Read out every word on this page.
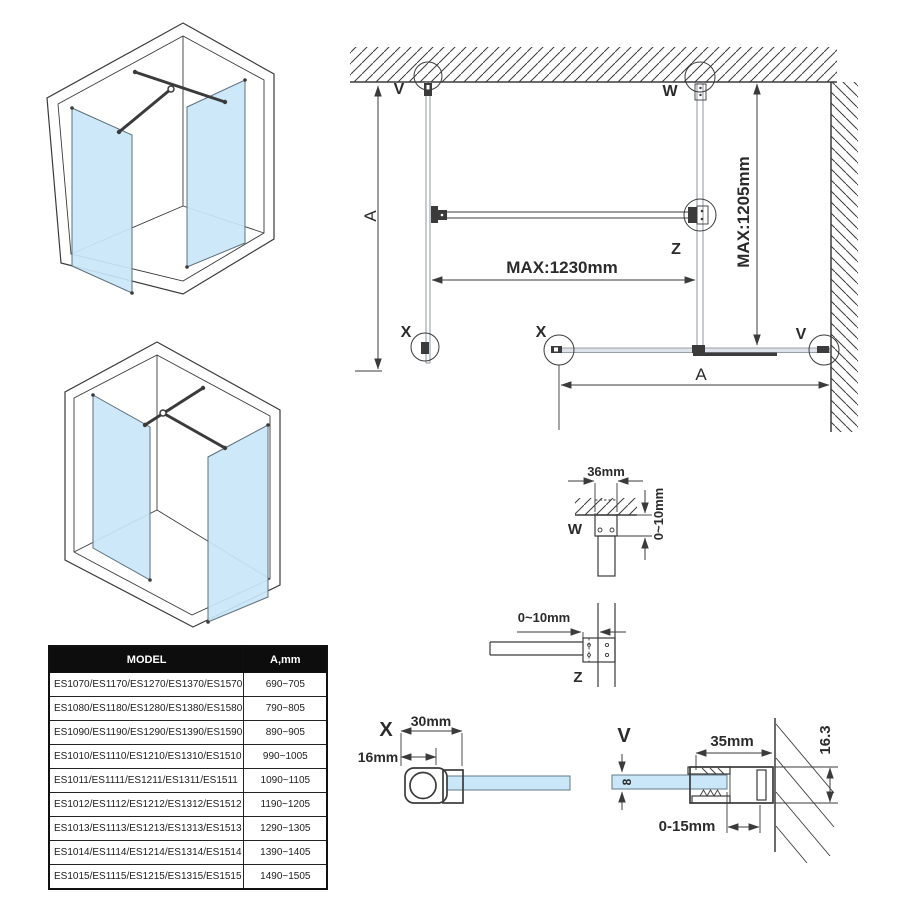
V	W
Z
X	X	V
A
MAX:1230mm	MAX:1205mm
A
36mm
0~10mm
W
0~10mm
Z
X 30mm
16mm
V
8
35mm	16.3
0-15mm
MODEL	A,mm
ES1070/ES1170/ES1270/ES1370/ES1570	690~705
ES1080/ES1180/ES1280/ES1380/ES1580	790~805
ES1090/ES1190/ES1290/ES1390/ES1590	890~905
ES1010/ES1110/ES1210/ES1310/ES1510	990~1005
ES1011/ES1111/ES1211/ES1311/ES1511	1090~1105
ES1012/ES1112/ES1212/ES1312/ES1512	1190~1205
ES1013/ES1113/ES1213/ES1313/ES1513	1290~1305
ES1014/ES1114/ES1214/ES1314/ES1514	1390~1405
ES1015/ES1115/ES1215/ES1315/ES1515	1490~1505
